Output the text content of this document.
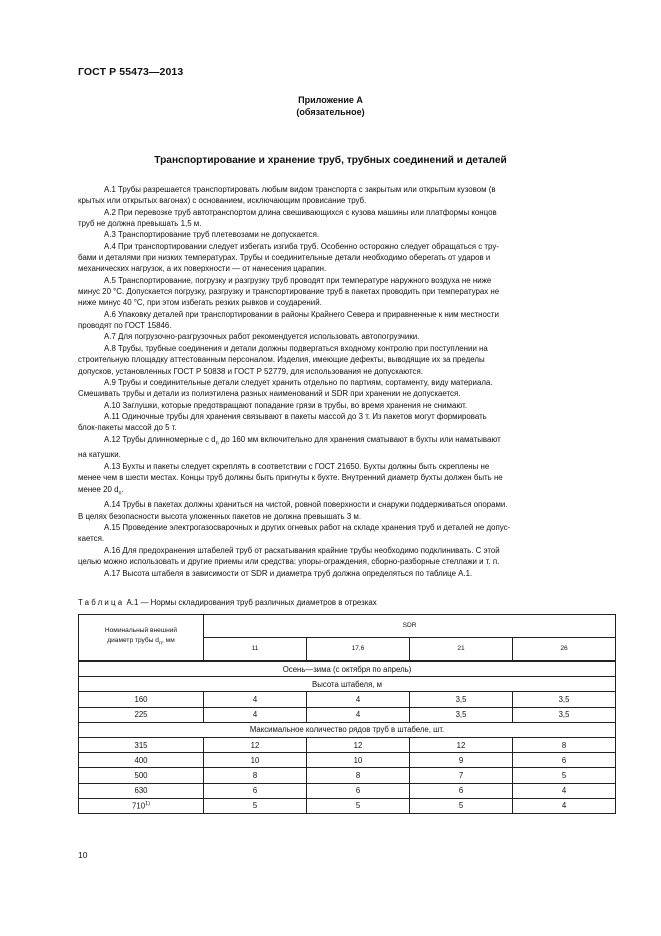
ГОСТ Р 55473—2013
Приложение А
(обязательное)
Транспортирование и хранение труб, трубных соединений и деталей

А.1 Трубы разрешается транспортировать любым видом транспорта с закрытым или открытым кузовом (в

крытых или открытых вагонах) с основанием, исключающим провисание труб.

А.2 При перевозке труб автотранспортом длина свешивающихся с кузова машины или платформы концов

труб не должна превышать 1,5 м.

А.3 Транспортирование труб плетевозами не допускается.

А.4 При транспортировании следует избегать изгиба труб. Особенно осторожно следует обращаться с тру-

бами и деталями при низких температурах. Трубы и соединительные детали необходимо оберегать от ударов и

механических нагрузок, а их поверхности — от нанесения царапин.

А.5 Транспортирование, погрузку и разгрузку труб проводят при температуре наружного воздуха не ниже

минус 20 °С. Допускается погрузку, разгрузку и транспортирование труб в пакетах проводить при температурах не

ниже минус 40 °С, при этом избегать резких рывков и соударений.

А.6 Упаковку деталей при транспортировании в районы Крайнего Севера и приравненные к ним местности

проводят по ГОСТ 15846.

А.7 Для погрузочно-разгрузочных работ рекомендуется использовать автопогрузчики.

А.8 Трубы, трубные соединения и детали должны подвергаться входному контролю при поступлении на

строительную площадку аттестованным персоналом. Изделия, имеющие дефекты, выводящие их за пределы

допусков, установленных ГОСТ Р 50838 и ГОСТ Р 52779, для использования не допускаются.

А.9 Трубы и соединительные детали следует хранить отдельно по партиям, сортаменту, виду материала.

Смешивать трубы и детали из полиэтилена разных наименований и SDR при хранении не допускается.

А.10 Заглушки, которые предотвращают попадание грязи в трубы, во время хранения не снимают.

А.11 Одиночные трубы для хранения связывают в пакеты массой до 3 т. Из пакетов могут формировать

блок-пакеты массой до 5 т.

А.12 Трубы длинномерные с $d_n$ до 160 мм включительно для хранения сматывают в бухты или наматывают

на катушки.

А.13 Бухты и пакеты следует скреплять в соответствии с ГОСТ 21650. Бухты должны быть скреплены не

менее чем в шести местах. Концы труб должны быть пригнуты к бухте. Внутренний диаметр бухты должен быть не

менее 20 $d_n$.

А.14 Трубы в пакетах должны храниться на чистой, ровной поверхности и снаружи поддерживаться опорами.

В целях безопасности высота уложенных пакетов не должна превышать 3 м.

А.15 Проведение электрогазосварочных и других огневых работ на складе хранения труб и деталей не допус-

кается.

А.16 Для предохранения штабелей труб от раскатывания крайние трубы необходимо подклинивать. С этой

целью можно использовать и другие приемы или средства: упоры-ограждения, сборно-разборные стеллажи и т. п.

А.17 Высота штабеля в зависимости от SDR и диаметра труб должна определяться по таблице А.1.

Таблица А.1 — Нормы складирования труб различных диаметров в отрезках
Номинальный внешний
диаметр трубы $d_n$, мм	SDR			
	11	17,6	21	26
Осень—зима (с октября по апрель)				
Высота штабеля, м				
160	4	4	3,5	3,5
225	4	4	3,5	3,5
Максимальное количество рядов труб в штабеле, шт.				
315	12	12	12	8
400	10	10	9	6
500	8	8	7	5
630	6	6	6	4
710$^{1)}$	5	5	5	4
10
